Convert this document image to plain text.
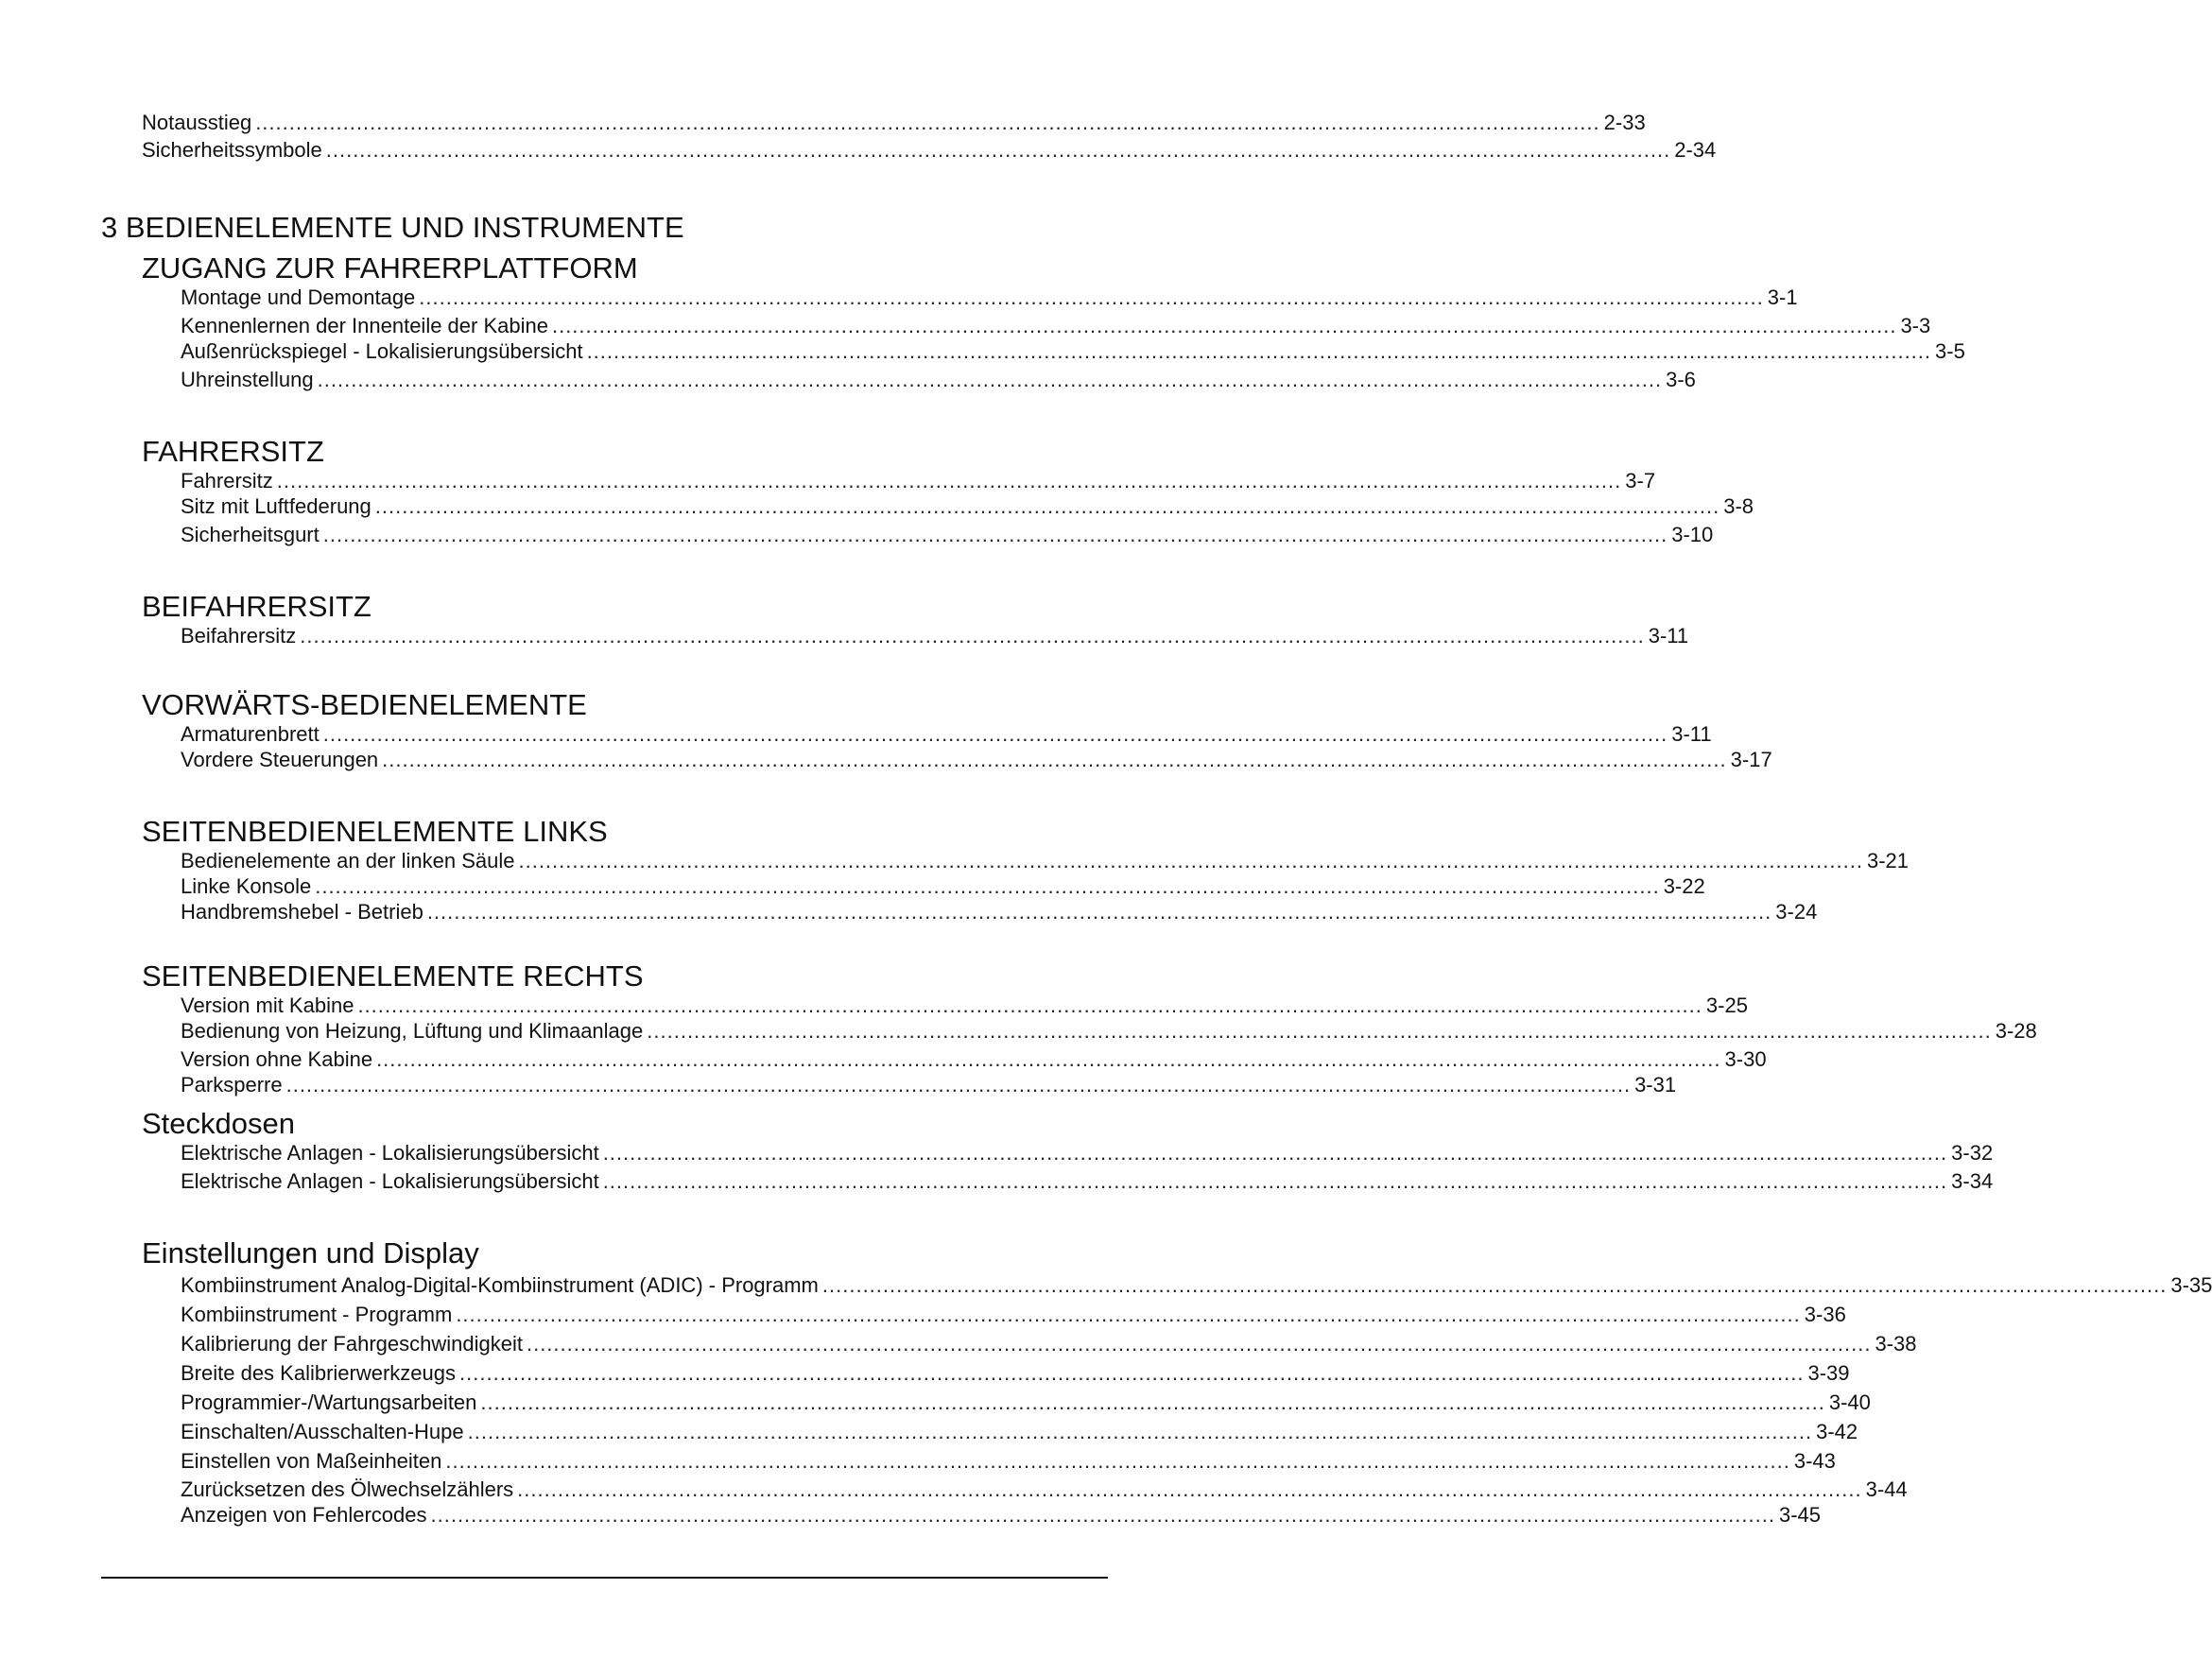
Notausstieg ........................................................................................................................................................................................................ 2-33
Sicherheitssymbole ........................................................................................................................................................................................................ 2-34
3 BEDIENELEMENTE UND INSTRUMENTE
ZUGANG ZUR FAHRERPLATTFORM
Montage und Demontage ........................................................................................................................................................................................................ 3-1
Kennenlernen der Innenteile der Kabine ........................................................................................................................................................................................................ 3-3
Außenrückspiegel - Lokalisierungsübersicht ........................................................................................................................................................................................................ 3-5
Uhreinstellung ........................................................................................................................................................................................................ 3-6
FAHRERSITZ
Fahrersitz ........................................................................................................................................................................................................ 3-7
Sitz mit Luftfederung ........................................................................................................................................................................................................ 3-8
Sicherheitsgurt ........................................................................................................................................................................................................ 3-10
BEIFAHRERSITZ
Beifahrersitz ........................................................................................................................................................................................................ 3-11
VORWÄRTS-BEDIENELEMENTE
Armaturenbrett ........................................................................................................................................................................................................ 3-11
Vordere Steuerungen ........................................................................................................................................................................................................ 3-17
SEITENBEDIENELEMENTE LINKS
Bedienelemente an der linken Säule ........................................................................................................................................................................................................ 3-21
Linke Konsole ........................................................................................................................................................................................................ 3-22
Handbremshebel - Betrieb ........................................................................................................................................................................................................ 3-24
SEITENBEDIENELEMENTE RECHTS
Version mit Kabine ........................................................................................................................................................................................................ 3-25
Bedienung von Heizung, Lüftung und Klimaanlage ........................................................................................................................................................................................................ 3-28
Version ohne Kabine ........................................................................................................................................................................................................ 3-30
Parksperre ........................................................................................................................................................................................................ 3-31
Steckdosen
Elektrische Anlagen - Lokalisierungsübersicht ........................................................................................................................................................................................................ 3-32
Elektrische Anlagen - Lokalisierungsübersicht ........................................................................................................................................................................................................ 3-34
Einstellungen und Display
Kombiinstrument Analog-Digital-Kombiinstrument (ADIC) - Programm ........................................................................................................................................................................................................ 3-35
Kombiinstrument - Programm ........................................................................................................................................................................................................ 3-36
Kalibrierung der Fahrgeschwindigkeit ........................................................................................................................................................................................................ 3-38
Breite des Kalibrierwerkzeugs ........................................................................................................................................................................................................ 3-39
Programmier-/Wartungsarbeiten ........................................................................................................................................................................................................ 3-40
Einschalten/Ausschalten-Hupe ........................................................................................................................................................................................................ 3-42
Einstellen von Maßeinheiten ........................................................................................................................................................................................................ 3-43
Zurücksetzen des Ölwechselzählers ........................................................................................................................................................................................................ 3-44
Anzeigen von Fehlercodes ........................................................................................................................................................................................................ 3-45
